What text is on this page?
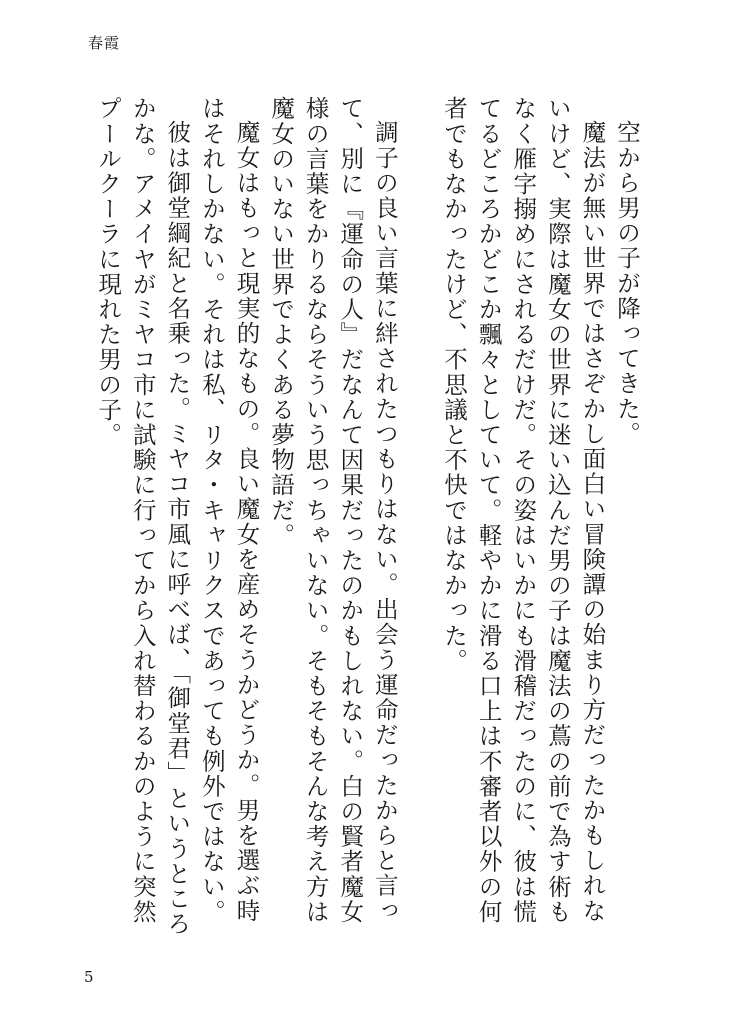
春霞

空から男の子が降ってきた。

魔法が無い世界ではさぞかし面白い冒険譚の始まり方だったかもしれないけど、実際は魔女の世界に迷い込んだ男の子は魔法の蔦の前で為す術もなく雁字搦めにされるだけだ。その姿はいかにも滑稽だったのに、彼は慌てるどころかどこか飄々としていて。軽やかに滑る口上は不審者以外の何者でもなかったけど、不思議と不快ではなかった。

調子の良い言葉に絆されたつもりはない。出会う運命だったからと言って、別に『運命の人』だなんて因果だったのかもしれない。白の賢者魔女様の言葉をかりるならそういう思っちゃいない。そもそもそんな考え方は魔女のいない世界でよくある夢物語だ。

魔女はもっと現実的なもの。良い魔女を産めそうかどうか。男を選ぶ時はそれしかない。それは私、リタ・キャリクスであっても例外ではない。

彼は御堂綱紀と名乗った。ミヤコ市風に呼べば、「御堂君」というところかな。アメイヤがミヤコ市に試験に行ってから入れ替わるかのように突然プールクーラに現れた男の子。

5
